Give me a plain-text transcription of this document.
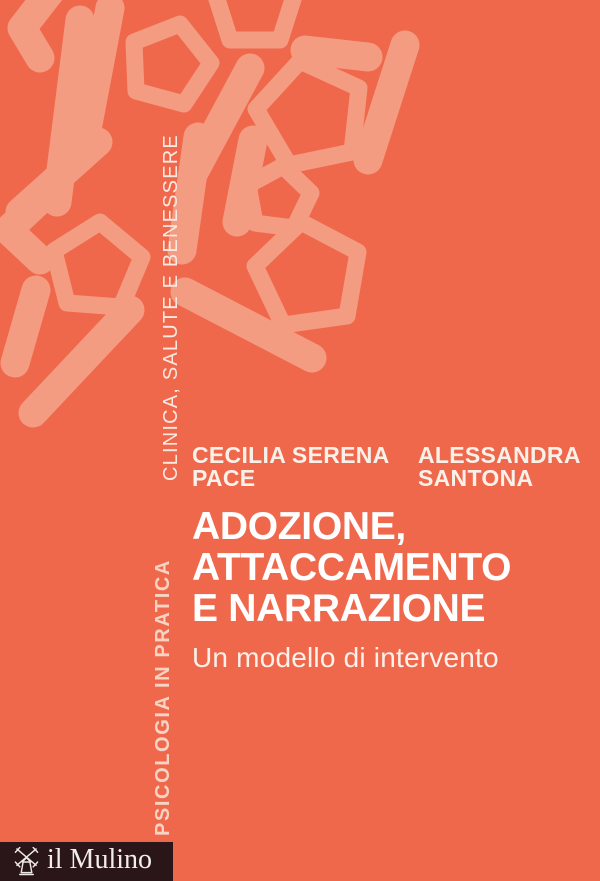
PSICOLOGIA IN PRATICA
CLINICA, SALUTE E BENESSERE CECILIA SERENA
PACE
ALESSANDRA
SANTONA
ADOZIONE,
ATTACCAMENTO
E NARRAZIONE
Un modello di intervento
il Mulino
